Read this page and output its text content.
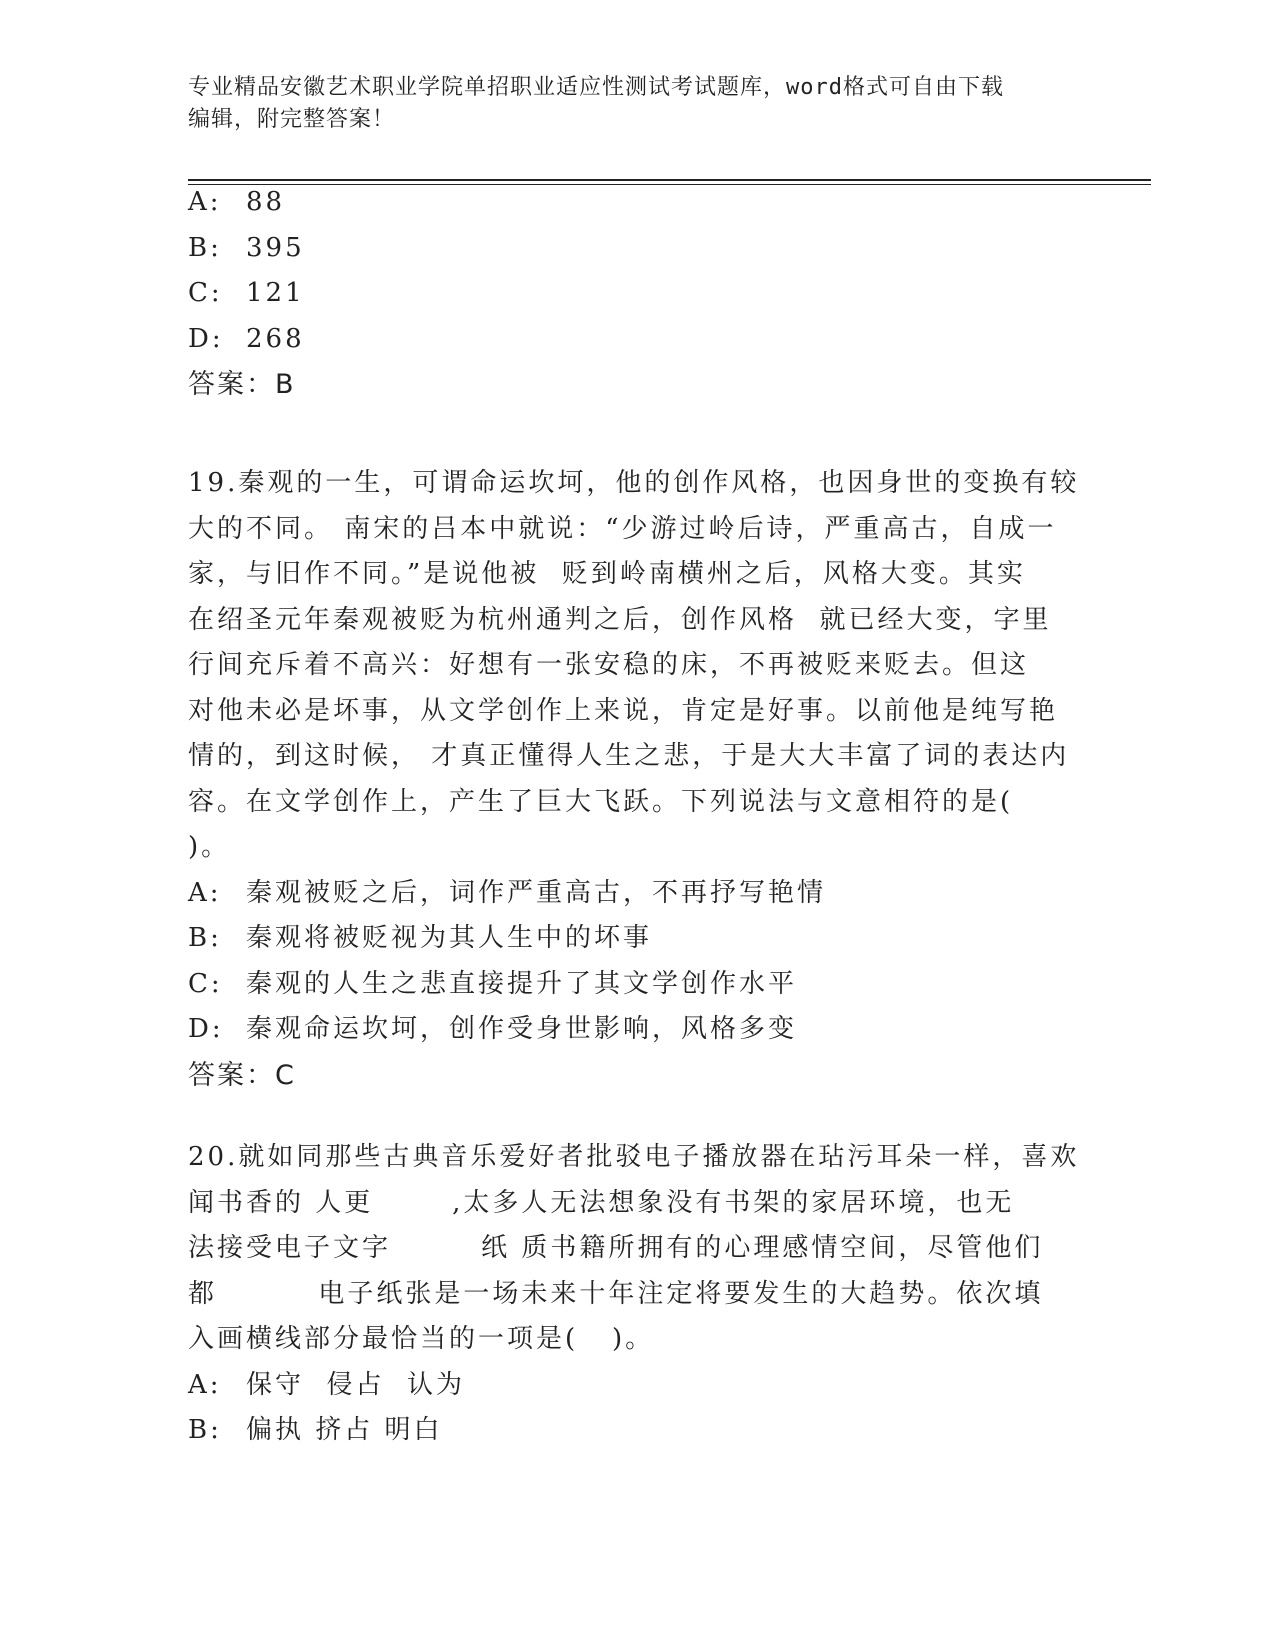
专业精品安徽艺术职业学院单招职业适应性测试考试题库，word格式可自由下载
编辑，附完整答案！
A: 88
B: 395
C: 121
D: 268
答案：B
19.秦观的一生，可谓命运坎坷，他的创作风格，也因身世的变换有较
大的不同。 南宋的吕本中就说：“少游过岭后诗，严重高古，自成一
家，与旧作不同。”是说他被  贬到岭南横州之后，风格大变。其实
在绍圣元年秦观被贬为杭州通判之后，创作风格  就已经大变，字里
行间充斥着不高兴：好想有一张安稳的床，不再被贬来贬去。但这
对他未必是坏事，从文学创作上来说，肯定是好事。以前他是纯写艳
情的，到这时候， 才真正懂得人生之悲，于是大大丰富了词的表达内
容。在文学创作上，产生了巨大飞跃。下列说法与文意相符的是(
)。
A: 秦观被贬之后，词作严重高古，不再抒写艳情
B: 秦观将被贬视为其人生中的坏事
C: 秦观的人生之悲直接提升了其文学创作水平
D: 秦观命运坎坷，创作受身世影响，风格多变
答案：C
20.就如同那些古典音乐爱好者批驳电子播放器在玷污耳朵一样，喜欢
闻书香的 人更       ,太多人无法想象没有书架的家居环境，也无
法接受电子文字        纸 质书籍所拥有的心理感情空间，尽管他们
都         电子纸张是一场未来十年注定将要发生的大趋势。依次填
入画横线部分最恰当的一项是(   )。
A: 保守  侵占  认为
B: 偏执 挤占 明白
